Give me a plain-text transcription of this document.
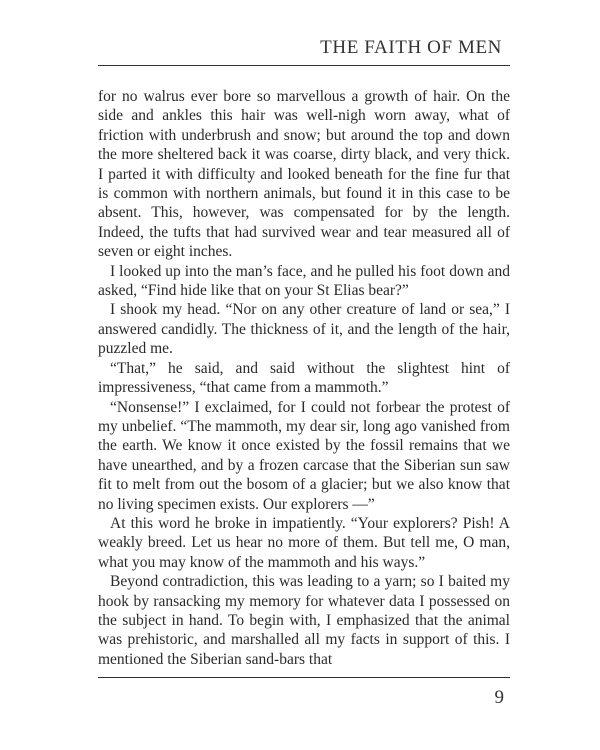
THE FAITH OF MEN

for no walrus ever bore so marvellous a growth of hair. On the side and ankles this hair was well-nigh worn away, what of friction with underbrush and snow; but around the top and down the more sheltered back it was coarse, dirty black, and very thick. I parted it with difficulty and looked beneath for the fine fur that is common with northern animals, but found it in this case to be absent. This, however, was compensated for by the length. Indeed, the tufts that had survived wear and tear measured all of seven or eight inches.

I looked up into the man’s face, and he pulled his foot down and asked, “Find hide like that on your St Elias bear?”

I shook my head. “Nor on any other creature of land or sea,” I answered candidly. The thickness of it, and the length of the hair, puzzled me.

“That,” he said, and said without the slightest hint of impressiveness, “that came from a mammoth.”

“Nonsense!” I exclaimed, for I could not forbear the protest of my unbelief. “The mammoth, my dear sir, long ago vanished from the earth. We know it once existed by the fossil remains that we have unearthed, and by a frozen carcase that the Siberian sun saw fit to melt from out the bosom of a glacier; but we also know that no living specimen exists. Our explorers —”

At this word he broke in impatiently. “Your explorers? Pish! A weakly breed. Let us hear no more of them. But tell me, O man, what you may know of the mammoth and his ways.”

Beyond contradiction, this was leading to a yarn; so I baited my hook by ransacking my memory for whatever data I possessed on the subject in hand. To begin with, I emphasized that the animal was prehistoric, and marshalled all my facts in support of this. I mentioned the Siberian sand-bars that

9
